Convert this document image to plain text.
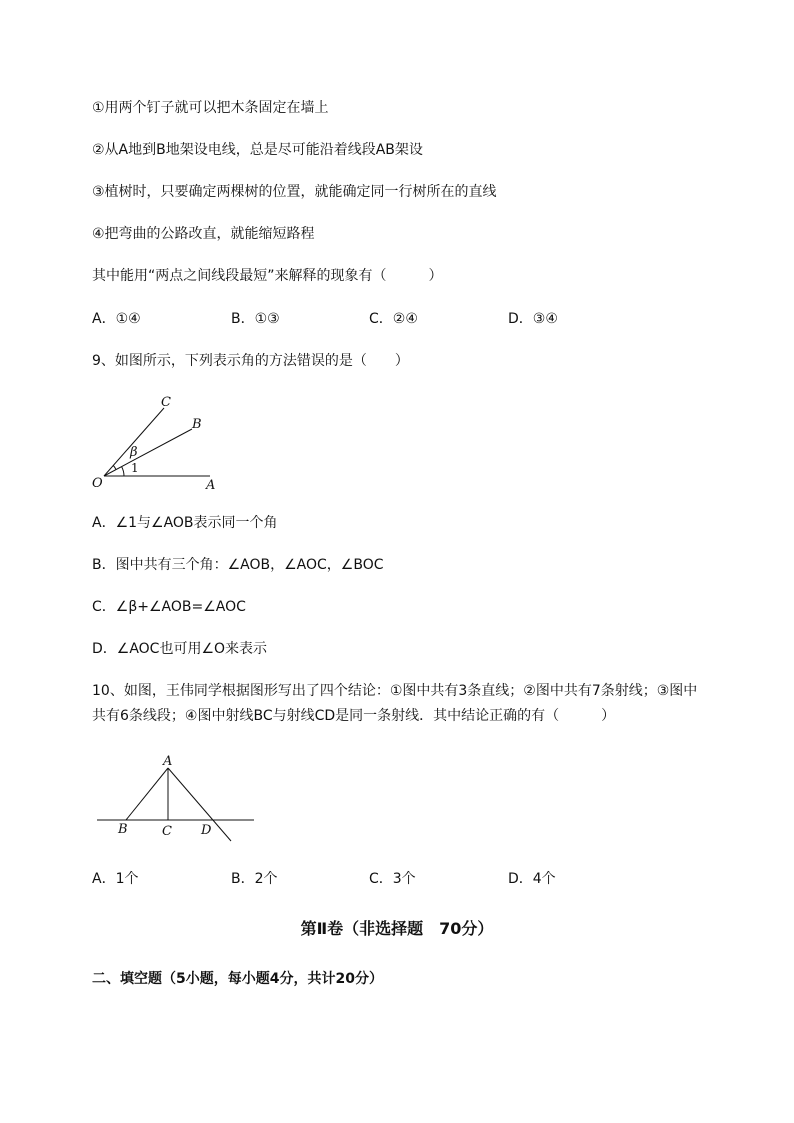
①用两个钉子就可以把木条固定在墙上
②从A地到B地架设电线，总是尽可能沿着线段AB架设
③植树时，只要确定两棵树的位置，就能确定同一行树所在的直线
④把弯曲的公路改直，就能缩短路程
其中能用“两点之间线段最短”来解释的现象有（　　　）
A．①④	B．①③	C．②④	D．③④
9、如图所示，下列表示角的方法错误的是（　　）
C
B
β
1
O	A
A．∠1与∠AOB表示同一个角
B．图中共有三个角：∠AOB，∠AOC，∠BOC
C．∠β+∠AOB=∠AOC
D．∠AOC也可用∠O来表示
10、如图，王伟同学根据图形写出了四个结论：①图中共有3条直线；②图中共有7条射线；③图中
共有6条线段；④图中射线BC与射线CD是同一条射线．其中结论正确的有（　　　）
A
B	C D
A．1个	B．2个	C．3个	D．4个
第Ⅱ卷（非选择题　70分）
二、填空题（5小题，每小题4分，共计20分）
